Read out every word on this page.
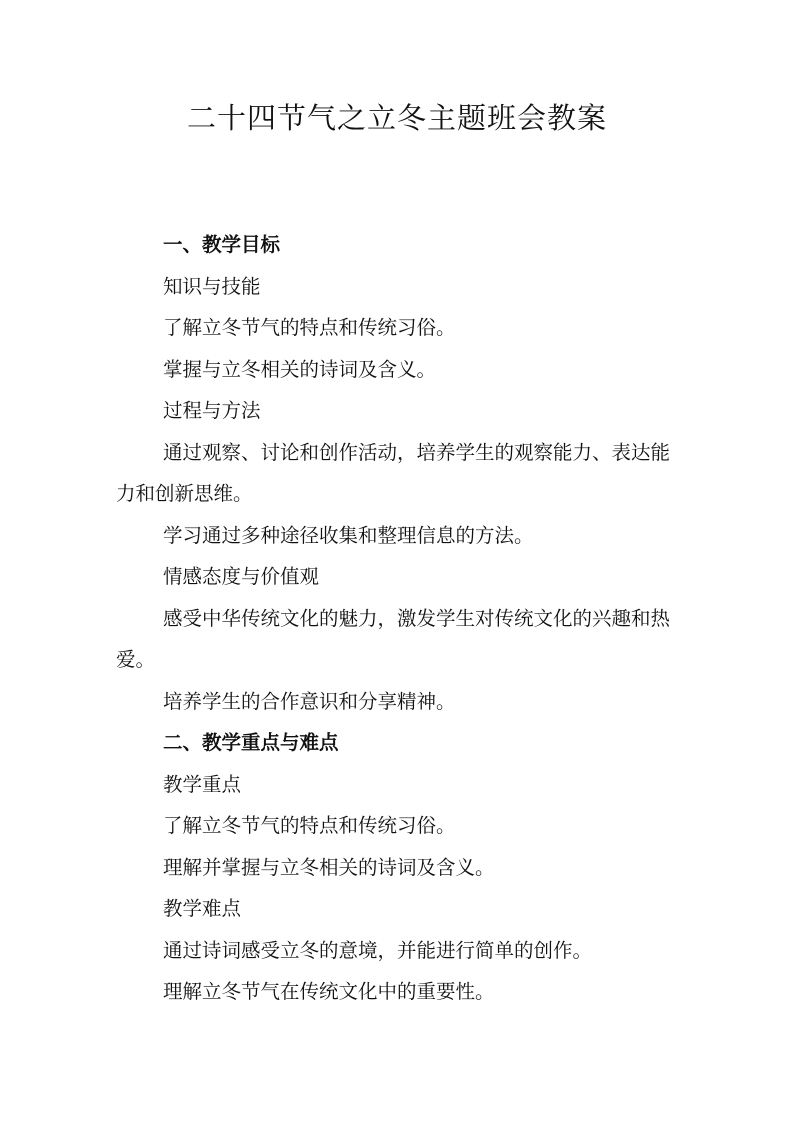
二十四节气之立冬主题班会教案

一、教学目标

知识与技能

了解立冬节气的特点和传统习俗。

掌握与立冬相关的诗词及含义。

过程与方法

通过观察、讨论和创作活动，培养学生的观察能力、表达能力和创新思维。

学习通过多种途径收集和整理信息的方法。

情感态度与价值观

感受中华传统文化的魅力，激发学生对传统文化的兴趣和热爱。

培养学生的合作意识和分享精神。

二、教学重点与难点

教学重点

了解立冬节气的特点和传统习俗。

理解并掌握与立冬相关的诗词及含义。

教学难点

通过诗词感受立冬的意境，并能进行简单的创作。

理解立冬节气在传统文化中的重要性。
